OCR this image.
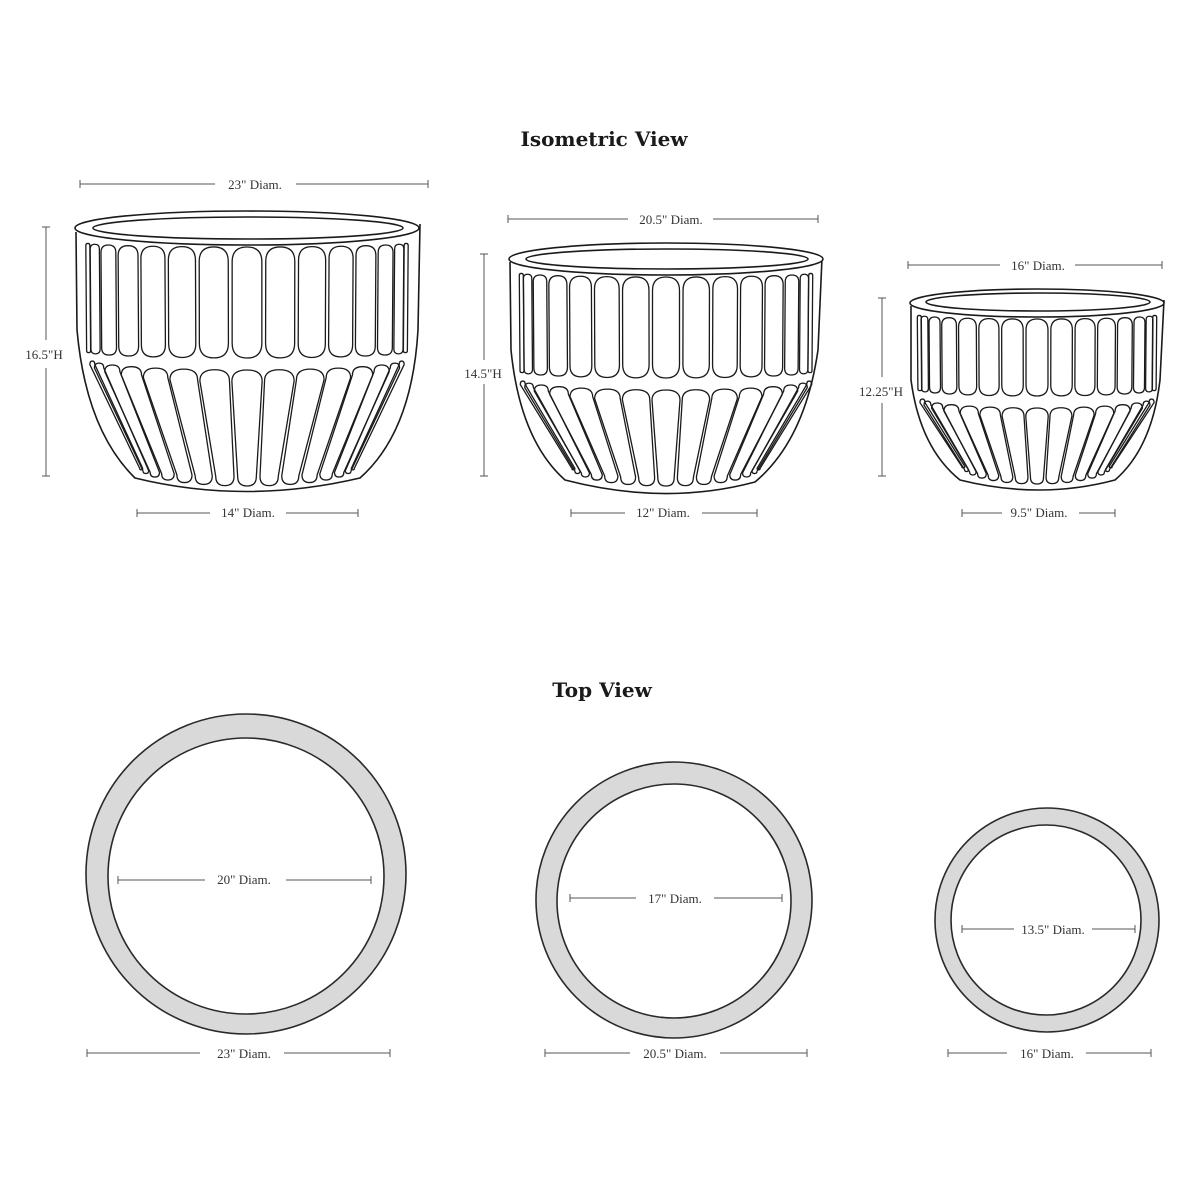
Isometric View
Top View
23" Diam.
16.5"H
14" Diam.
20.5" Diam.
14.5"H
12" Diam.
16" Diam.
12.25"H
9.5" Diam.
20" Diam.
23" Diam.
17" Diam.
20.5" Diam.
13.5" Diam.
16" Diam.
